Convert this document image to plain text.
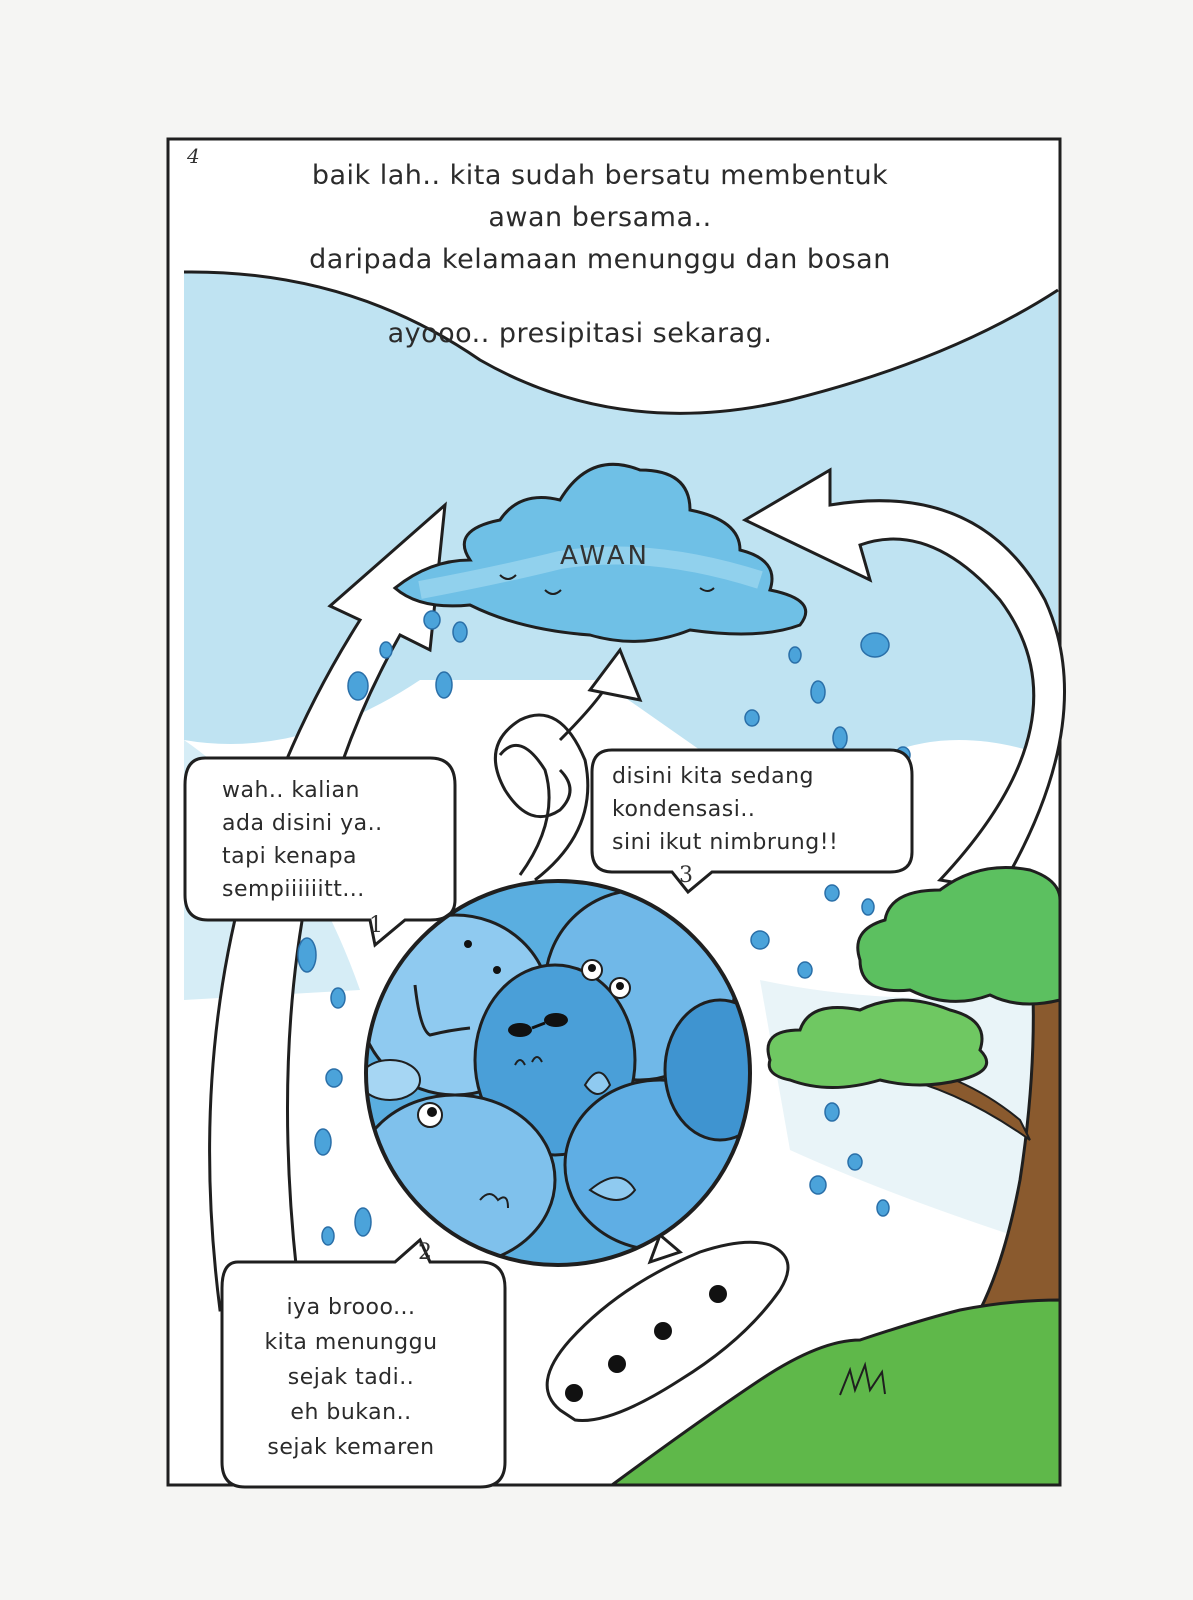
4
baik lah.. kita sudah bersatu membentuk
awan bersama..
daripada kelamaan menunggu dan bosan
ayooo.. presipitasi sekarag.
AWAN
wah.. kalian
ada disini ya..
tapi kenapa
sempiiiiiitt...
1
disini kita sedang
kondensasi..
sini ikut nimbrung!!
3
iya brooo...
kita menunggu
sejak tadi..
eh bukan..
sejak kemaren
2
